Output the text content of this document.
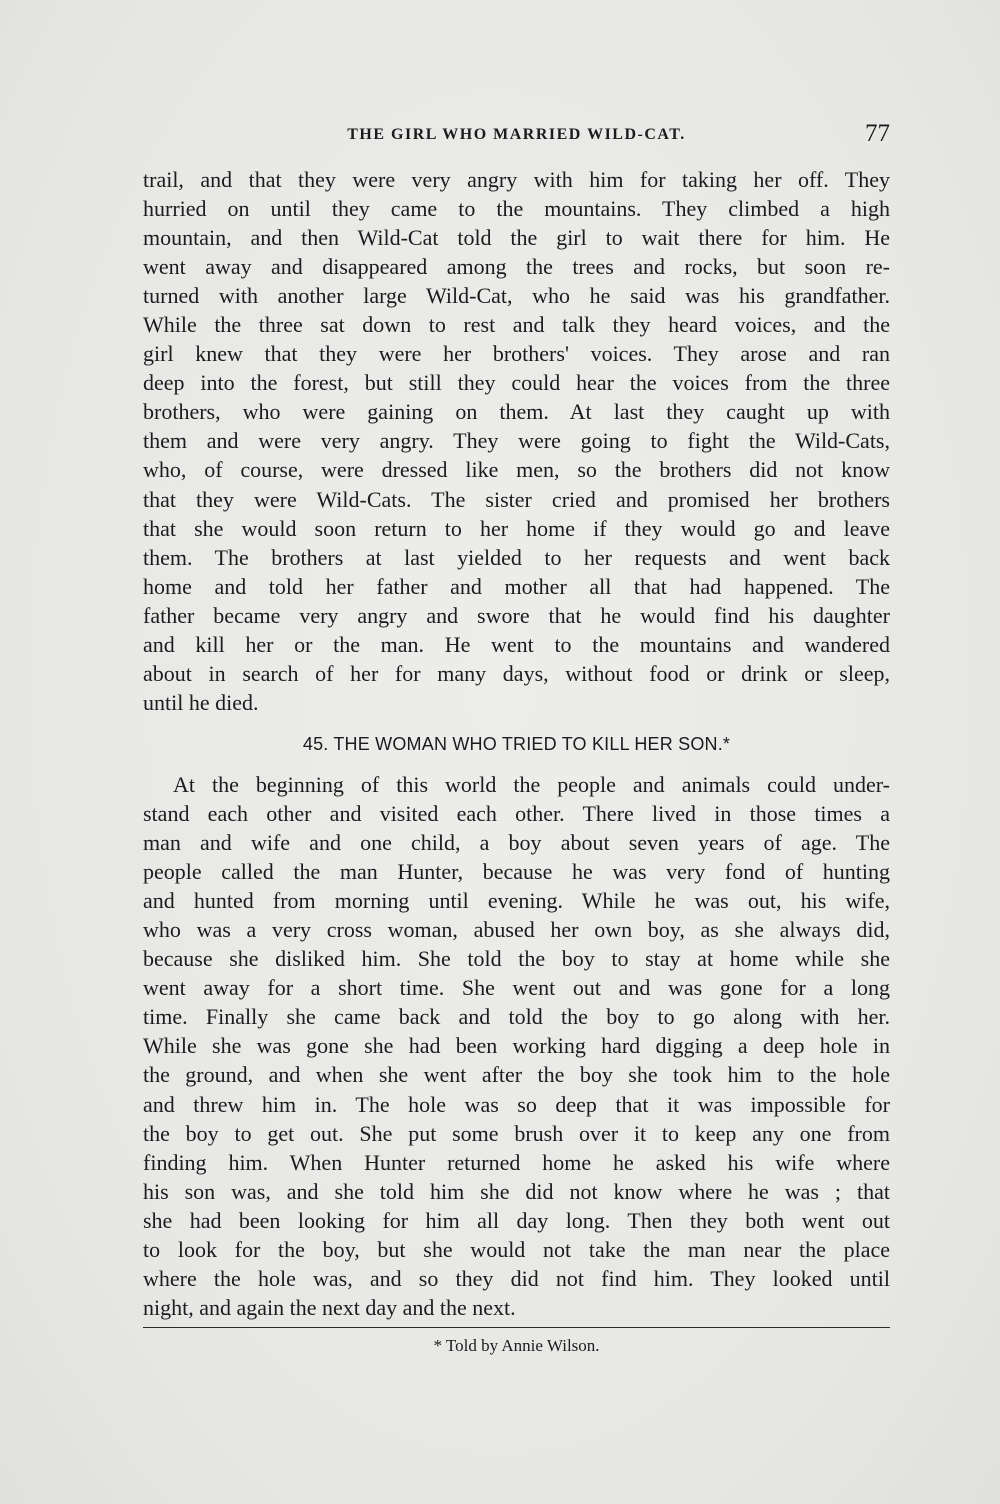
THE GIRL WHO MARRIED WILD-CAT.	77
trail, and that they were very angry with him for taking her off. They
hurried on until they came to the mountains. They climbed a high
mountain, and then Wild-Cat told the girl to wait there for him. He
went away and disappeared among the trees and rocks, but soon re-
turned with another large Wild-Cat, who he said was his grandfather.
While the three sat down to rest and talk they heard voices, and the
girl knew that they were her brothers' voices. They arose and ran
deep into the forest, but still they could hear the voices from the three
brothers, who were gaining on them. At last they caught up with
them and were very angry. They were going to fight the Wild-Cats,
who, of course, were dressed like men, so the brothers did not know
that they were Wild-Cats. The sister cried and promised her brothers
that she would soon return to her home if they would go and leave
them. The brothers at last yielded to her requests and went back
home and told her father and mother all that had happened. The
father became very angry and swore that he would find his daughter
and kill her or the man. He went to the mountains and wandered
about in search of her for many days, without food or drink or sleep,
until he died.
45. THE WOMAN WHO TRIED TO KILL HER SON.*
At the beginning of this world the people and animals could under-
stand each other and visited each other. There lived in those times a
man and wife and one child, a boy about seven years of age. The
people called the man Hunter, because he was very fond of hunting
and hunted from morning until evening. While he was out, his wife,
who was a very cross woman, abused her own boy, as she always did,
because she disliked him. She told the boy to stay at home while she
went away for a short time. She went out and was gone for a long
time. Finally she came back and told the boy to go along with her.
While she was gone she had been working hard digging a deep hole in
the ground, and when she went after the boy she took him to the hole
and threw him in. The hole was so deep that it was impossible for
the boy to get out. She put some brush over it to keep any one from
finding him. When Hunter returned home he asked his wife where
his son was, and she told him she did not know where he was ; that
she had been looking for him all day long. Then they both went out
to look for the boy, but she would not take the man near the place
where the hole was, and so they did not find him. They looked until
night, and again the next day and the next.
* Told by Annie Wilson.
